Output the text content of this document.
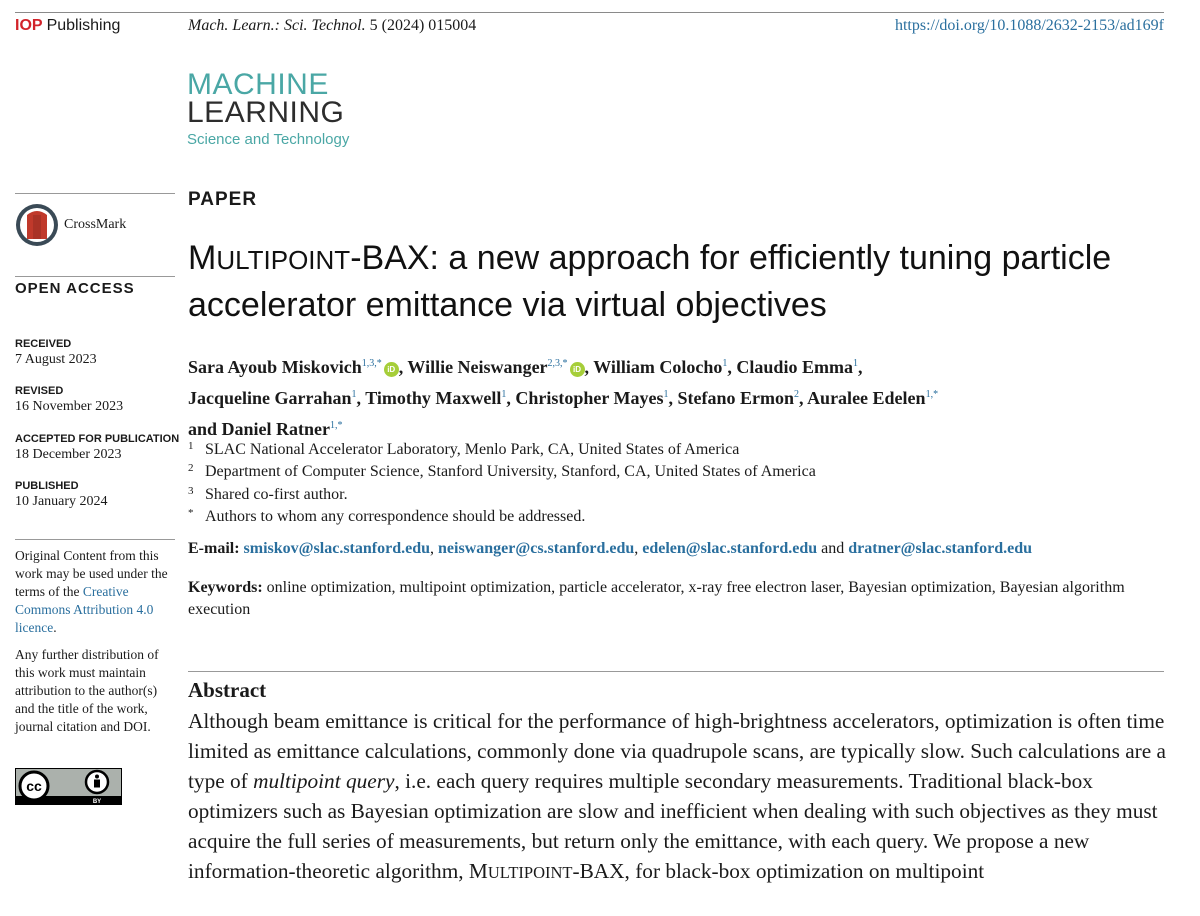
IOP Publishing	Mach. Learn.: Sci. Technol. 5 (2024) 015004	https://doi.org/10.1088/2632-2153/ad169f
MACHINE
LEARNING
Science and Technology
CrossMark
OPEN ACCESS
RECEIVED
7 August 2023
REVISED
16 November 2023
ACCEPTED FOR PUBLICATION
18 December 2023
PUBLISHED
10 January 2024
Original Content from this work may be used under the terms of the Creative Commons Attribution 4.0 licence.
Any further distribution of this work must maintain attribution to the author(s) and the title of the work, journal citation and DOI.
cc
BY
PAPER
MULTIPOINT-BAX: a new approach for efficiently tuning particle accelerator emittance via virtual objectives
Sara Ayoub Miskovich$^{1,3,*}$iD , Willie Neiswanger$^{2,3,*}$iD , William Colocho$^1$, Claudio Emma$^1$,
Jacqueline Garrahan$^1$, Timothy Maxwell$^1$, Christopher Mayes$^1$, Stefano Ermon$^2$, Auralee Edelen$^{1,*}$
and Daniel Ratner$^{1,*}$
1 SLAC National Accelerator Laboratory, Menlo Park, CA, United States of America
2 Department of Computer Science, Stanford University, Stanford, CA, United States of America
3 Shared co-first author.
* Authors to whom any correspondence should be addressed.
E-mail: smiskov@slac.stanford.edu, neiswanger@cs.stanford.edu, edelen@slac.stanford.edu and dratner@slac.stanford.edu
Keywords: online optimization, multipoint optimization, particle accelerator, x-ray free electron laser, Bayesian optimization, Bayesian algorithm execution
Abstract
Although beam emittance is critical for the performance of high-brightness accelerators, optimization is often time limited as emittance calculations, commonly done via quadrupole scans, are typically slow. Such calculations are a type of multipoint query, i.e. each query requires multiple secondary measurements. Traditional black-box optimizers such as Bayesian optimization are slow and inefficient when dealing with such objectives as they must acquire the full series of measurements, but return only the emittance, with each query. We propose a new information-theoretic algorithm, MULTIPOINT-BAX, for black-box optimization on multipoint
